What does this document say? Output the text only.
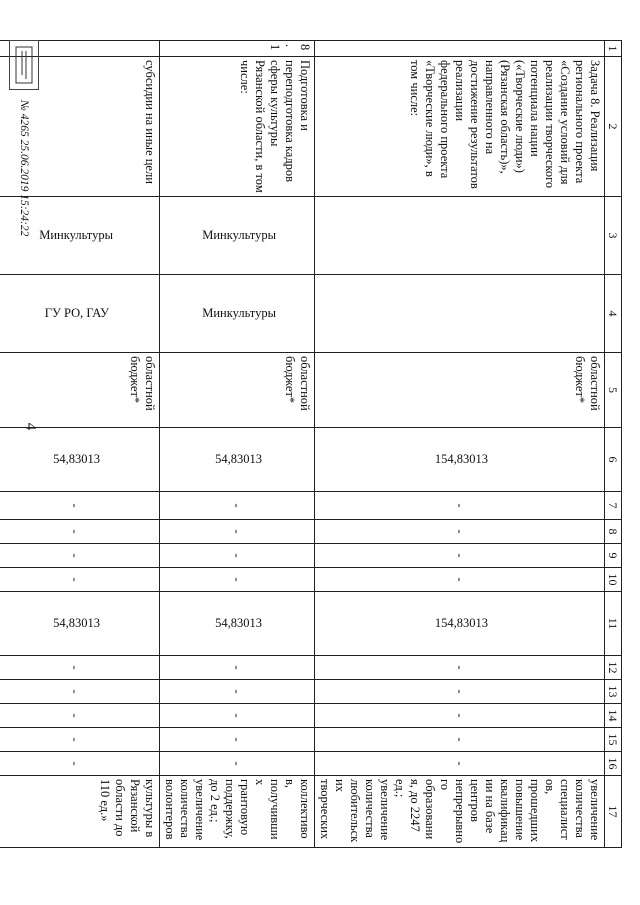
4
1	2	3	4	5	6	7	8	9	10	11	12	13	14	15	16	17
	Задача 8. Реализация регионального проекта «Создание условий для реализации творческого потенциала нации («Творческие люди») (Рязанская область)», направленного на достижение результатов реализации федерального проекта «Творческие люди», в том числе:			областной бюджет*	154,83013	-	-	-	-	154,83013	-	-	-	-	-	увеличение количества специалистов, прошедших повышение квалификации на базе центров непрерывного образования, до 2247 ед.; увеличение количества любительских творческих
8.1	Подготовка и переподготовка кадров сферы культуры Рязанской области, в том числе:	Минкультуры	Минкультуры	областной бюджет*	54,83013	-	-	-	-	54,83013	-	-	-	-	-	коллективов, получивших грантовую поддержку, до 2 ед.; увеличение количества волонтеров
	субсидии на иные цели	Минкультуры	ГУ РО, ГАУ	областной бюджет*	54,83013	-	-	-	-	54,83013	-	-	-	-	-	культуры в Рязанской области до 110 ед.»
№ 4265 25.06.2019 15:24:22
